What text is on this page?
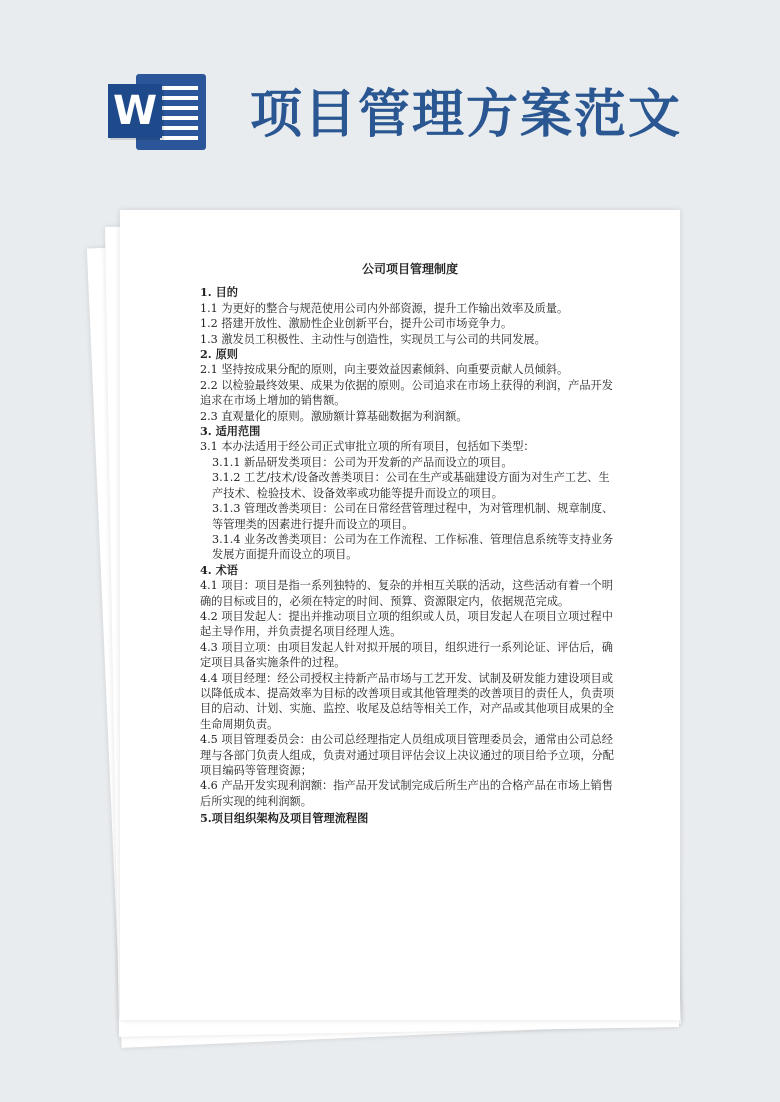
W 项目管理方案范文
公司项目管理制度

1. 目的

1.1 为更好的整合与规范使用公司内外部资源，提升工作输出效率及质量。

1.2 搭建开放性、激励性企业创新平台，提升公司市场竞争力。

1.3 激发员工积极性、主动性与创造性，实现员工与公司的共同发展。

2. 原则

2.1 坚持按成果分配的原则，向主要效益因素倾斜、向重要贡献人员倾斜。

2.2 以检验最终效果、成果为依据的原则。公司追求在市场上获得的利润，产品开发追求在市场上增加的销售额。

2.3 直观量化的原则。激励额计算基础数据为利润额。

3. 适用范围

3.1 本办法适用于经公司正式审批立项的所有项目，包括如下类型：

3.1.1 新品研发类项目：公司为开发新的产品而设立的项目。

3.1.2 工艺/技术/设备改善类项目：公司在生产或基础建设方面为对生产工艺、生产技术、检验技术、设备效率或功能等提升而设立的项目。

3.1.3 管理改善类项目：公司在日常经营管理过程中，为对管理机制、规章制度、等管理类的因素进行提升而设立的项目。

3.1.4 业务改善类项目：公司为在工作流程、工作标准、管理信息系统等支持业务发展方面提升而设立的项目。

4. 术语

4.1 项目：项目是指一系列独特的、复杂的并相互关联的活动，这些活动有着一个明确的目标或目的，必须在特定的时间、预算、资源限定内，依据规范完成。

4.2 项目发起人：提出并推动项目立项的组织或人员，项目发起人在项目立项过程中起主导作用，并负责提名项目经理人选。

4.3 项目立项：由项目发起人针对拟开展的项目，组织进行一系列论证、评估后，确定项目具备实施条件的过程。

4.4 项目经理：经公司授权主持新产品市场与工艺开发、试制及研发能力建设项目或以降低成本、提高效率为目标的改善项目或其他管理类的改善项目的责任人，负责项目的启动、计划、实施、监控、收尾及总结等相关工作，对产品或其他项目成果的全生命周期负责。

4.5 项目管理委员会：由公司总经理指定人员组成项目管理委员会，通常由公司总经理与各部门负责人组成，负责对通过项目评估会议上决议通过的项目给予立项，分配项目编码等管理资源；

4.6 产品开发实现利润额：指产品开发试制完成后所生产出的合格产品在市场上销售后所实现的纯利润额。

5.项目组织架构及项目管理流程图
